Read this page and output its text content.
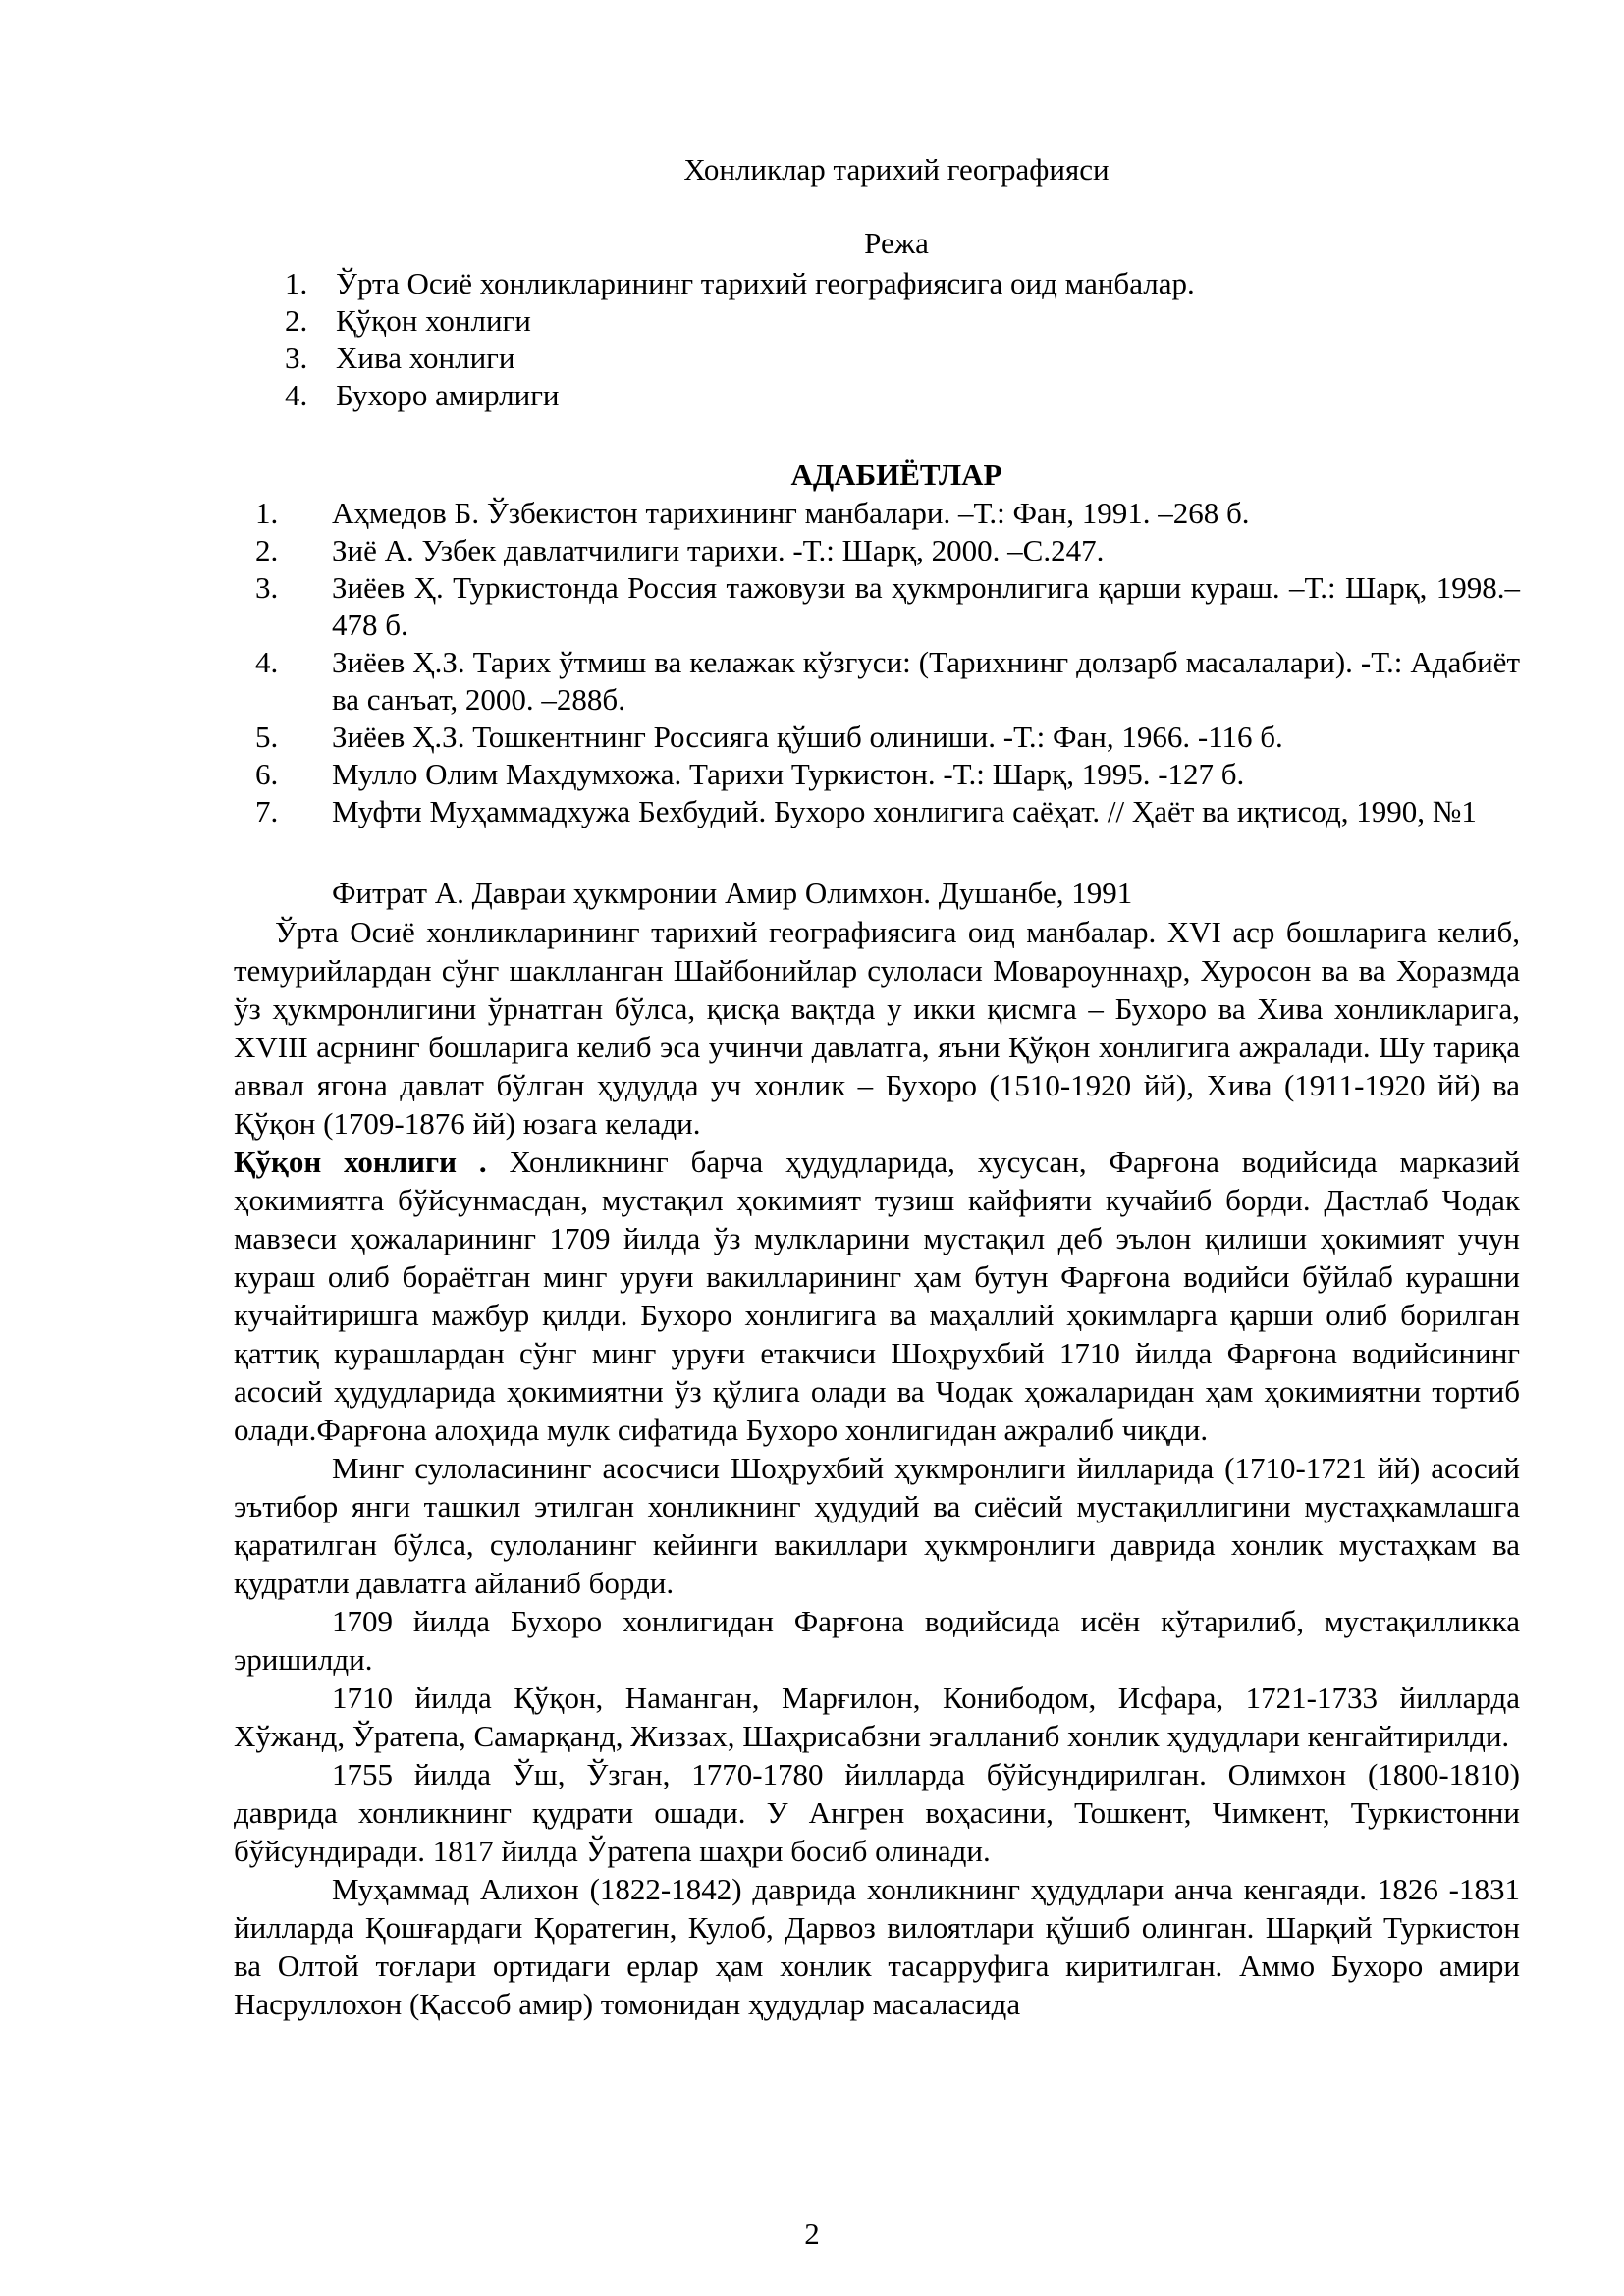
Хонликлар тарихий географияси
Режа
1. Ўрта Осиё хонликларининг тарихий географиясига оид манбалар.
2. Қўқон хонлиги
3. Хива хонлиги
4. Бухоро амирлиги
АДАБИЁТЛАР
1.	Аҳмедов Б. Ўзбекистон тарихининг манбалари. –Т.: Фан, 1991. –268 б.
2.	Зиё А. Узбек давлатчилиги тарихи. -Т.: Шарқ, 2000. –С.247.
3.	Зиёев Ҳ. Туркистонда Россия тажовузи ва ҳукмронлигига қарши кураш. –Т.: Шарқ, 1998.– 478 б.
4.	Зиёев Ҳ.З. Тарих ўтмиш ва келажак кўзгуси: (Тарихнинг долзарб масалалари). -Т.: Адабиёт ва санъат, 2000. –288б.
5.	Зиёев Ҳ.З. Тошкентнинг Россияга қўшиб олиниши. -Т.: Фан, 1966. -116 б.
6.	Мулло Олим Махдумхожа. Тарихи Туркистон. -Т.: Шарқ, 1995. -127 б.
7.	Муфти Муҳаммадхужа Бехбудий. Бухоро хонлигига саёҳат. // Ҳаёт ва иқтисод, 1990, №1
Фитрат А. Давраи ҳукмронии Амир Олимхон. Душанбе, 1991

Ўрта Осиё хонликларининг тарихий географиясига оид манбалар. XVI аср бошларига келиб, темурийлардан сўнг шаклланган Шайбонийлар сулоласи Мовароуннаҳр, Хуросон ва ва Хоразмда ўз ҳукмронлигини ўрнатган бўлса, қисқа вақтда у икки қисмга – Бухоро ва Хива хонликларига, XVIII асрнинг бошларига келиб эса учинчи давлатга, яъни Қўқон хонлигига ажралади. Шу тариқа аввал ягона давлат бўлган ҳудудда уч хонлик – Бухоро (1510-1920 йй), Хива (1911-1920 йй) ва Қўқон (1709-1876 йй) юзага келади.

Қўқон хонлиги . Хонликнинг барча ҳудудларида, хусусан, Фарғона водийсида марказий ҳокимиятга бўйсунмасдан, мустақил ҳокимият тузиш кайфияти кучайиб борди. Дастлаб Чодак мавзеси ҳожаларининг 1709 йилда ўз мулкларини мустақил деб эълон қилиши ҳокимият учун кураш олиб бораётган минг уруғи вакилларининг ҳам бутун Фарғона водийси бўйлаб курашни кучайтиришга мажбур қилди. Бухоро хонлигига ва маҳаллий ҳокимларга қарши олиб борилган қаттиқ курашлардан сўнг минг уруғи етакчиси Шоҳрухбий 1710 йилда Фарғона водийсининг асосий ҳудудларида ҳокимиятни ўз қўлига олади ва Чодак ҳожаларидан ҳам ҳокимиятни тортиб олади.Фарғона алоҳида мулк сифатида Бухоро хонлигидан ажралиб чиқди.

Минг сулоласининг асосчиси Шоҳрухбий ҳукмронлиги йилларида (1710-1721 йй) асосий эътибор янги ташкил этилган хонликнинг ҳудудий ва сиёсий мустақиллигини мустаҳкамлашга қаратилган бўлса, сулоланинг кейинги вакиллари ҳукмронлиги даврида хонлик мустаҳкам ва қудратли давлатга айланиб борди.

1709 йилда Бухоро хонлигидан Фарғона водийсида исён кўтарилиб, мустақилликка эришилди.

1710 йилда Қўқон, Наманган, Марғилон, Конибодом, Исфара, 1721-1733 йилларда Хўжанд, Ўратепа, Самарқанд, Жиззах, Шаҳрисабзни эгалланиб хонлик ҳудудлари кенгайтирилди.

1755 йилда Ўш, Ўзган, 1770-1780 йилларда бўйсундирилган. Олимхон (1800-1810) даврида хонликнинг қудрати ошади. У Ангрен воҳасини, Тошкент, Чимкент, Туркистонни бўйсундиради. 1817 йилда Ўратепа шаҳри босиб олинади.

Муҳаммад Алихон (1822-1842) даврида хонликнинг ҳудудлари анча кенгаяди. 1826 -1831 йилларда Қошғардаги Қоратегин, Кулоб, Дарвоз вилоятлари қўшиб олинган. Шарқий Туркистон ва Олтой тоғлари ортидаги ерлар ҳам хонлик тасарруфига киритилган. Аммо Бухоро амири Насруллохон (Қассоб амир) томонидан ҳудудлар масаласида

2
